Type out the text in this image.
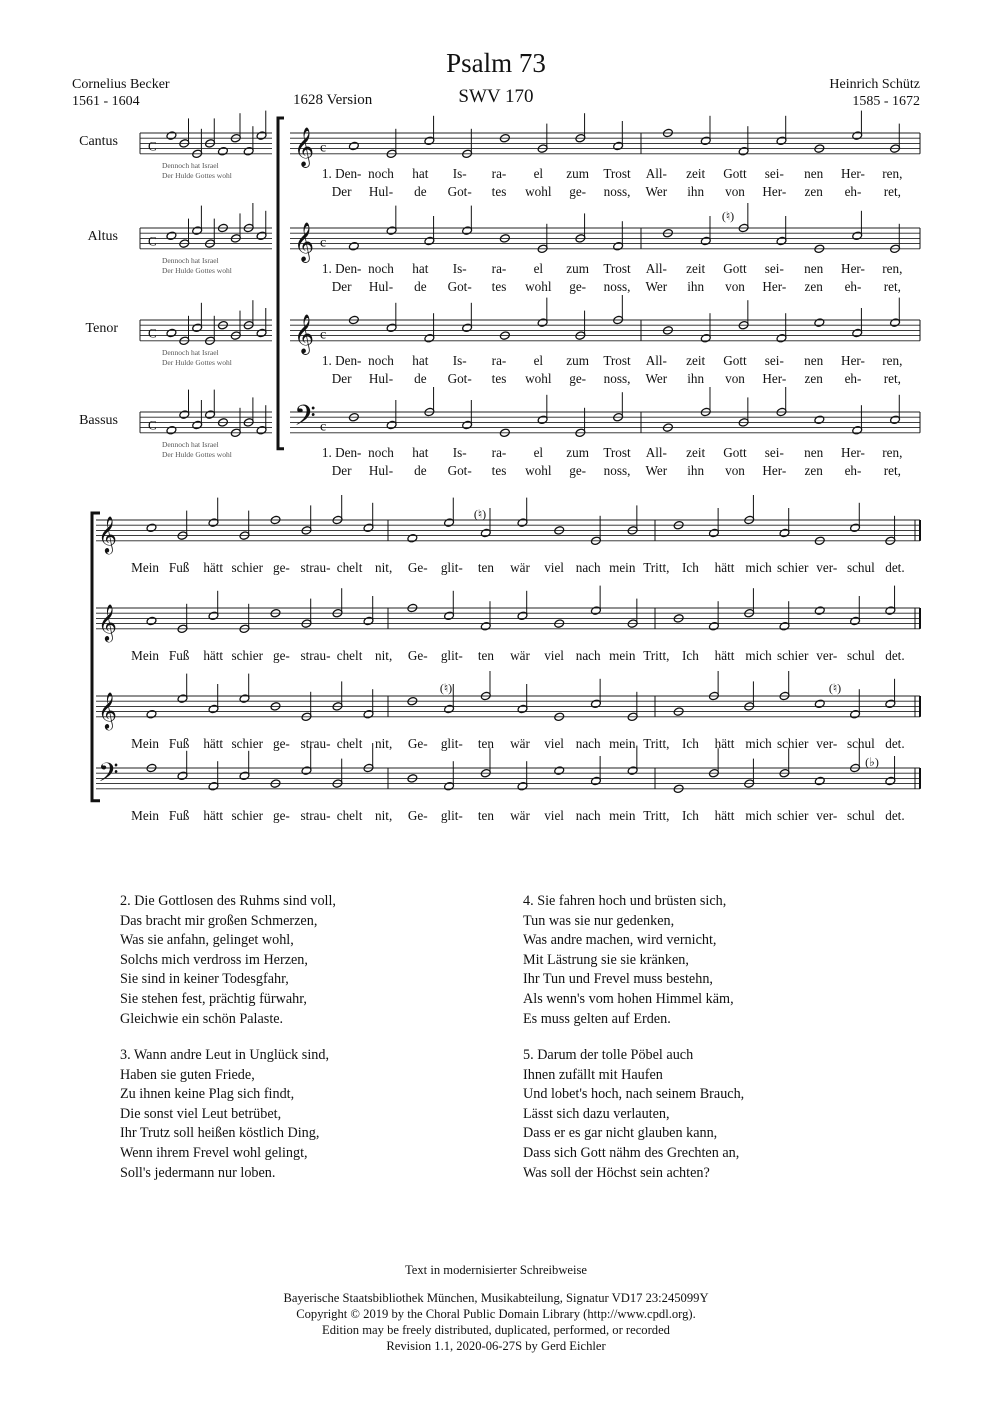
Psalm 73
SWV 170
1628 Version
Cornelius Becker
1561 - 1604
Heinrich Schütz
1585 - 1672
Cantus C
Dennoch hat Israel
Der Hulde Gottes wohl
Altus C
Dennoch hat Israel
Der Hulde Gottes wohl
Tenor C
Dennoch hat Israel
Der Hulde Gottes wohl
Bassus C
Dennoch hat Israel
Der Hulde Gottes wohl
𝄞 c
1. Den- noch hat Is- ra- el zum Trost All- zeit Gott sei- nen Her- ren,
Der Hul- de Got- tes wohl ge- noss, Wer ihn von Her- zen eh- ret,
𝄞 c
1. Den- noch hat Is- ra- el zum Trost All- zeit Gott sei- nen Her- ren,
Der Hul- de Got- tes wohl ge- noss, Wer ihn von Her- zen eh- ret,
𝄞 c
1. Den- noch hat Is- ra- el zum Trost All- zeit Gott sei- nen Her- ren,
Der Hul- de Got- tes wohl ge- noss, Wer ihn von Her- zen eh- ret,
𝄢 c
1. Den- noch hat Is- ra- el zum Trost All- zeit Gott sei- nen Her- ren,
Der Hul- de Got- tes wohl ge- noss, Wer ihn von Her- zen eh- ret,
(♮)
𝄞
Mein Fuß hätt schier ge- strau- chelt nit, Ge- glit- ten wär viel nach mein Tritt, Ich hätt mich schier ver- schul det.
𝄞
Mein Fuß hätt schier ge- strau- chelt nit, Ge- glit- ten wär viel nach mein Tritt, Ich hätt mich schier ver- schul det.
𝄞
Mein Fuß hätt schier ge- strau- chelt nit, Ge- glit- ten wär viel nach mein Tritt, Ich hätt mich schier ver- schul det.
𝄢
Mein Fuß hätt schier ge- strau- chelt nit, Ge- glit- ten wär viel nach mein Tritt, Ich hätt mich schier ver- schul det.
(♮)
(♮)	(♮)
(♭)
2. Die Gottlosen des Ruhms sind voll,
Das bracht mir großen Schmerzen,
Was sie anfahn, gelinget wohl,
Solchs mich verdross im Herzen,
Sie sind in keiner Todesgfahr,
Sie stehen fest, prächtig fürwahr,
Gleichwie ein schön Palaste.
3. Wann andre Leut in Unglück sind,
Haben sie guten Friede,
Zu ihnen keine Plag sich findt,
Die sonst viel Leut betrübet,
Ihr Trutz soll heißen köstlich Ding,
Wenn ihrem Frevel wohl gelingt,
Soll's jedermann nur loben.
4. Sie fahren hoch und brüsten sich,
Tun was sie nur gedenken,
Was andre machen, wird vernicht,
Mit Lästrung sie sie kränken,
Ihr Tun und Frevel muss bestehn,
Als wenn's vom hohen Himmel käm,
Es muss gelten auf Erden.
5. Darum der tolle Pöbel auch
Ihnen zufällt mit Haufen
Und lobet's hoch, nach seinem Brauch,
Lässt sich dazu verlauten,
Dass er es gar nicht glauben kann,
Dass sich Gott nähm des Grechten an,
Was soll der Höchst sein achten?
Text in modernisierter Schreibweise
Bayerische Staatsbibliothek München, Musikabteilung, Signatur VD17 23:245099Y
Copyright © 2019 by the Choral Public Domain Library (http://www.cpdl.org).
Edition may be freely distributed, duplicated, performed, or recorded
Revision 1.1, 2020-06-27S by Gerd Eichler
